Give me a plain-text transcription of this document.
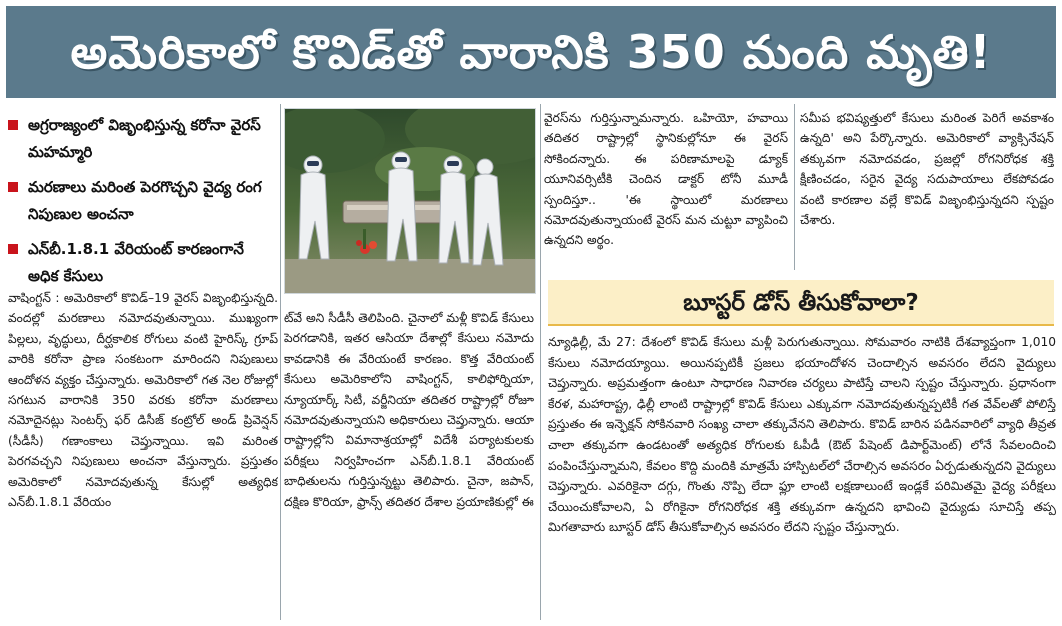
అమెరికాలో కొవిడ్‌తో వారానికి 350 మంది మృతి!
అగ్రరాజ్యంలో విజృంభిస్తున్న కరోనా వైరస్ మహమ్మారి
మరణాలు మరింత పెరగొచ్చని వైద్య రంగ నిపుణుల అంచనా
ఎన్‌బీ.1.8.1 వేరియంట్ కారణంగానే అధిక కేసులు

వాషింగ్టన్ : అమెరికాలో కొవిడ్–19 వైరస్ విజృంభిస్తున్నది. వందల్లో మరణాలు నమోదవుతున్నాయి. ముఖ్యంగా పిల్లలు, వృద్ధులు, దీర్ఘకాలిక రోగులు వంటి హైరిస్క్ గ్రూప్ వారికి కరోనా ప్రాణ సంకటంగా మారిందని నిపుణులు ఆందోళన వ్యక్తం చేస్తున్నారు. అమెరికాలో గత నెల రోజుల్లో సగటున వారానికి 350 వరకు కరోనా మరణాలు నమోదైనట్లు సెంటర్స్ ఫర్ డిసీజ్ కంట్రోల్ అండ్ ప్రివెన్షన్ (సీడీసీ) గణాంకాలు చెప్తున్నాయి. ఇవి మరింత పెరగవచ్చని నిపుణులు అంచనా వేస్తున్నారు. ప్రస్తుతం అమెరికాలో నమోదవుతున్న కేసుల్లో అత్యధిక ఎన్‌బీ.1.8.1 వేరియం

ట్‌వే అని సీడీసీ తెలిపింది. చైనాలో మళ్లీ కొవిడ్ కేసులు పెరగడానికి, ఇతర ఆసియా దేశాల్లో కేసులు నమోదు కావడానికి ఈ వేరియంటే కారణం. కొత్త వేరియంట్ కేసులు అమెరికాలోని వాషింగ్టన్, కాలిఫోర్నియా, న్యూయార్క్ సిటీ, వర్జీనియా తదితర రాష్ట్రాల్లో రోజూ నమోదవుతున్నాయని అధికారులు చెప్తున్నారు. ఆయా రాష్ట్రాల్లోని విమానాశ్రయాల్లో విదేశీ పర్యాటకులకు పరీక్షలు నిర్వహించగా ఎన్‌బీ.1.8.1 వేరియంట్ బాధితులను గుర్తిస్తున్నట్టు తెలిపారు. చైనా, జపాన్, దక్షిణ కొరియా, ఫ్రాన్స్ తదితర దేశాల ప్రయాణికుల్లో ఈ

వైరస్‌ను గుర్తిస్తున్నామన్నారు. ఒహియో, హవాయి తదితర రాష్ట్రాల్లో స్థానికుల్లోనూ ఈ వైరస్ సోకిందన్నారు. ఈ పరిణామాలపై డ్యూక్ యూనివర్సిటీకి చెందిన డాక్టర్ టోనీ మూడీ స్పందిస్తూ.. 'ఈ స్థాయిలో మరణాలు నమోదవుతున్నాయంటే వైరస్ మన చుట్టూ వ్యాపించి ఉన్నదని అర్థం.

సమీప భవిష్యత్తులో కేసులు మరింత పెరిగే అవకాశం ఉన్నది' అని పేర్కొన్నారు. అమెరికాలో వ్యాక్సినేషన్ తక్కువగా నమోదవడం, ప్రజల్లో రోగనిరోధక శక్తి క్షీణించడం, సరైన వైద్య సదుపాయాలు లేకపోవడం వంటి కారణాల వల్లే కొవిడ్ విజృంభిస్తున్నదని స్పష్టం చేశారు.

బూస్టర్ డోస్ తీసుకోవాలా?

న్యూఢిల్లీ, మే 27: దేశంలో కొవిడ్ కేసులు మళ్లీ పెరుగుతున్నాయి. సోమవారం నాటికి దేశవ్యాప్తంగా 1,010 కేసులు నమోదయ్యాయి. అయినప్పటికీ ప్రజలు భయాందోళన చెందాల్సిన అవసరం లేదని వైద్యులు చెప్తున్నారు. అప్రమత్తంగా ఉంటూ సాధారణ నివారణ చర్యలు పాటిస్తే చాలని స్పష్టం చేస్తున్నారు. ప్రధానంగా కేరళ, మహారాష్ట్ర, ఢిల్లీ లాంటి రాష్ట్రాల్లో కొవిడ్ కేసులు ఎక్కువగా నమోదవుతున్నప్పటికీ గత వేవ్‌లతో పోలిస్తే ప్రస్తుతం ఈ ఇన్ఫెక్షన్ సోకినవారి సంఖ్య చాలా తక్కువేనని తెలిపారు. కొవిడ్ బారిన పడినవారిలో వ్యాధి తీవ్రత చాలా తక్కువగా ఉండటంతో అత్యధిక రోగులకు ఓపీడీ (ఔట్ పేషెంట్ డిపార్ట్‌మెంట్) లోనే సేవలందించి పంపించేస్తున్నామని, కేవలం కొద్ది మందికి మాత్రమే హాస్పిటల్‌లో చేరాల్సిన అవసరం ఏర్పడుతున్నదని వైద్యులు చెప్తున్నారు. ఎవరికైనా దగ్గు, గొంతు నొప్పి లేదా ఫ్లూ లాంటి లక్షణాలుంటే ఇండ్లకే పరిమితమై వైద్య పరీక్షలు చేయించుకోవాలని, ఏ రోగికైనా రోగనిరోధక శక్తి తక్కువగా ఉన్నదని భావించి వైద్యుడు సూచిస్తే తప్ప మిగతావారు బూస్టర్ డోస్ తీసుకోవాల్సిన అవసరం లేదని స్పష్టం చేస్తున్నారు.
